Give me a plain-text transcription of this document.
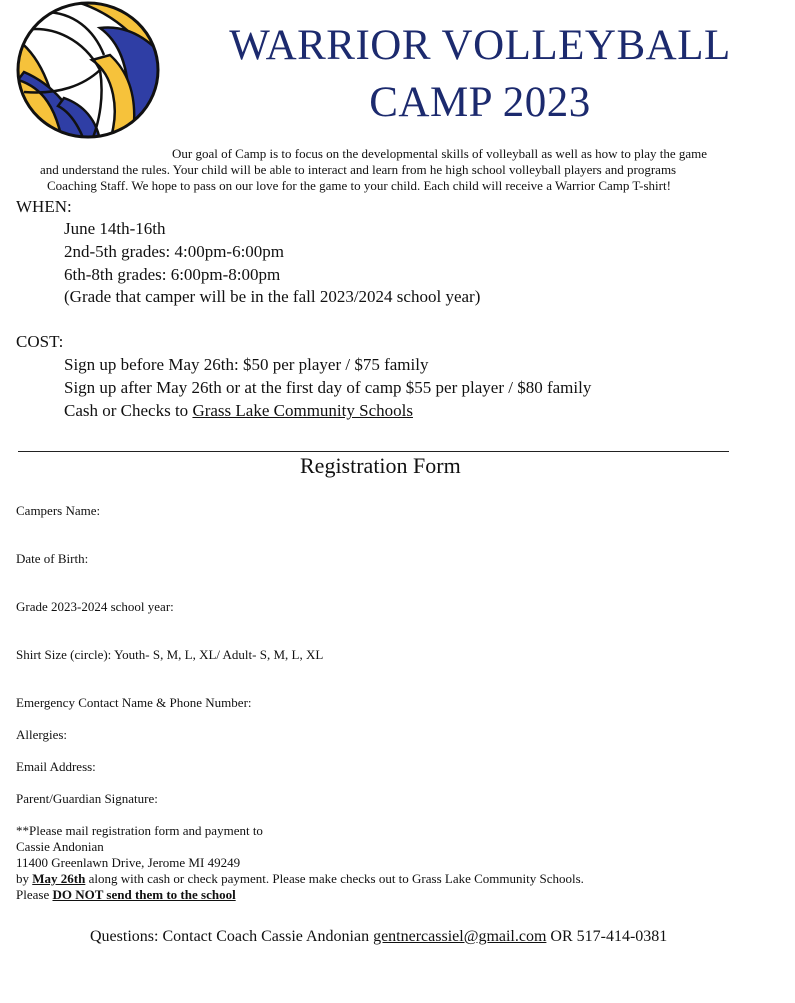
WARRIOR VOLLEYBALL
CAMP 2023
Our goal of Camp is to focus on the developmental skills of volleyball as well as how to play the game
and understand the rules. Your child will be able to interact and learn from he high school volleyball players and programs
Coaching Staff. We hope to pass on our love for the game to your child. Each child will receive a Warrior Camp T-shirt!
WHEN:
June 14th-16th
2nd-5th grades: 4:00pm-6:00pm
6th-8th grades: 6:00pm-8:00pm
(Grade that camper will be in the fall 2023/2024 school year)
COST:
Sign up before May 26th: $50 per player / $75 family
Sign up after May 26th or at the first day of camp $55 per player / $80 family
Cash or Checks to Grass Lake Community Schools
Registration Form
Campers Name:
Date of Birth:
Grade 2023-2024 school year:
Shirt Size (circle): Youth- S, M, L, XL/ Adult- S, M, L, XL
Emergency Contact Name & Phone Number:
Allergies:
Email Address:
Parent/Guardian Signature:
**Please mail registration form and payment to
Cassie Andonian
11400 Greenlawn Drive, Jerome MI 49249
by May 26th along with cash or check payment. Please make checks out to Grass Lake Community Schools.
Please DO NOT send them to the school
Questions: Contact Coach Cassie Andonian gentnercassiel@gmail.com OR 517-414-0381
